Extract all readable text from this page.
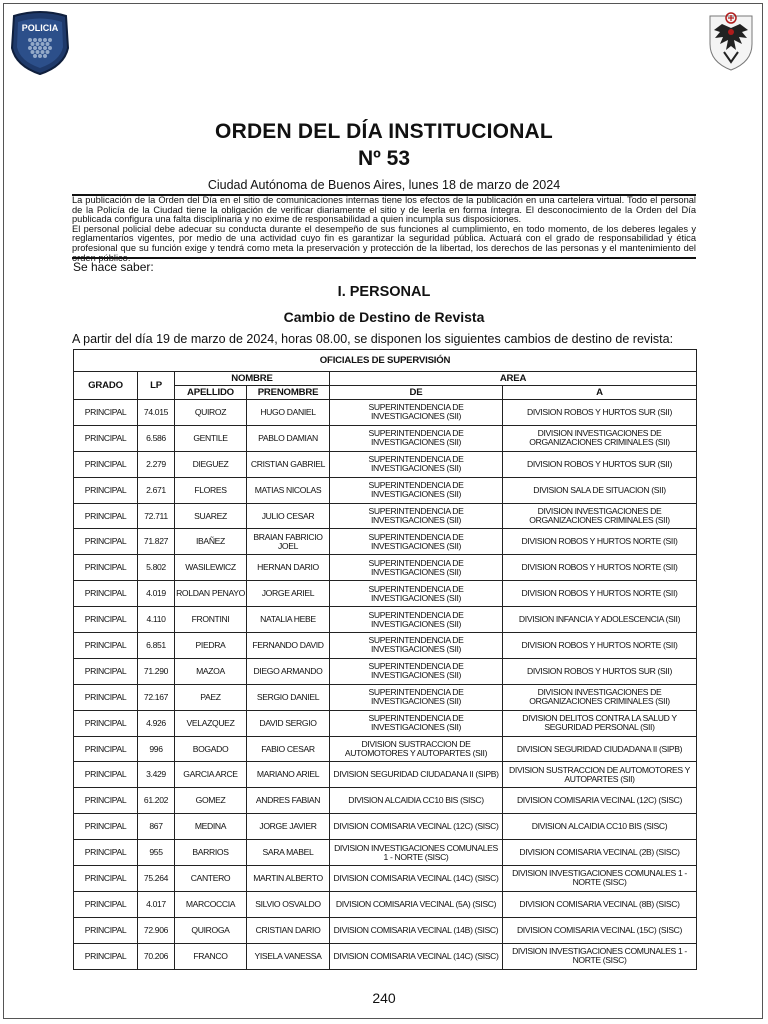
POLICIA
ORDEN DEL DÍA INSTITUCIONAL
Nº 53
Ciudad Autónoma de Buenos Aires, lunes 18 de marzo de 2024

La publicación de la Orden del Día en el sitio de comunicaciones internas tiene los efectos de la publicación en una cartelera virtual. Todo el personal de la Policía de la Ciudad tiene la obligación de verificar diariamente el sitio y de leerla en forma íntegra. El desconocimiento de la Orden del Día publicada configura una falta disciplinaria y no exime de responsabilidad a quien incumpla sus disposiciones.

El personal policial debe adecuar su conducta durante el desempeño de sus funciones al cumplimiento, en todo momento, de los deberes legales y reglamentarios vigentes, por medio de una actividad cuyo fin es garantizar la seguridad pública. Actuará con el grado de responsabilidad y ética profesional que su función exige y tendrá como meta la preservación y protección de la libertad, los derechos de las personas y el mantenimiento del orden público.

Se hace saber:
I. PERSONAL
Cambio de Destino de Revista
A partir del día 19 de marzo de 2024, horas 08.00, se disponen los siguientes cambios de destino de revista:
OFICIALES DE SUPERVISIÓN					
GRADO	LP	NOMBRE		AREA	
		APELLIDO	PRENOMBRE	DE	A
PRINCIPAL	74.015	QUIROZ	HUGO DANIEL	SUPERINTENDENCIA DE INVESTIGACIONES (SII)	DIVISION ROBOS Y HURTOS SUR (SII)
PRINCIPAL	6.586	GENTILE	PABLO DAMIAN	SUPERINTENDENCIA DE INVESTIGACIONES (SII)	DIVISION INVESTIGACIONES DE ORGANIZACIONES CRIMINALES (SII)
PRINCIPAL	2.279	DIEGUEZ	CRISTIAN GABRIEL	SUPERINTENDENCIA DE INVESTIGACIONES (SII)	DIVISION ROBOS Y HURTOS SUR (SII)
PRINCIPAL	2.671	FLORES	MATIAS NICOLAS	SUPERINTENDENCIA DE INVESTIGACIONES (SII)	DIVISION SALA DE SITUACION (SII)
PRINCIPAL	72.711	SUAREZ	JULIO CESAR	SUPERINTENDENCIA DE INVESTIGACIONES (SII)	DIVISION INVESTIGACIONES DE ORGANIZACIONES CRIMINALES (SII)
PRINCIPAL	71.827	IBAÑEZ	BRAIAN FABRICIO JOEL	SUPERINTENDENCIA DE INVESTIGACIONES (SII)	DIVISION ROBOS Y HURTOS NORTE (SII)
PRINCIPAL	5.802	WASILEWICZ	HERNAN DARIO	SUPERINTENDENCIA DE INVESTIGACIONES (SII)	DIVISION ROBOS Y HURTOS NORTE (SII)
PRINCIPAL	4.019	ROLDAN PENAYO	JORGE ARIEL	SUPERINTENDENCIA DE INVESTIGACIONES (SII)	DIVISION ROBOS Y HURTOS NORTE (SII)
PRINCIPAL	4.110	FRONTINI	NATALIA HEBE	SUPERINTENDENCIA DE INVESTIGACIONES (SII)	DIVISION INFANCIA Y ADOLESCENCIA (SII)
PRINCIPAL	6.851	PIEDRA	FERNANDO DAVID	SUPERINTENDENCIA DE INVESTIGACIONES (SII)	DIVISION ROBOS Y HURTOS NORTE (SII)
PRINCIPAL	71.290	MAZOA	DIEGO ARMANDO	SUPERINTENDENCIA DE INVESTIGACIONES (SII)	DIVISION ROBOS Y HURTOS SUR (SII)
PRINCIPAL	72.167	PAEZ	SERGIO DANIEL	SUPERINTENDENCIA DE INVESTIGACIONES (SII)	DIVISION INVESTIGACIONES DE ORGANIZACIONES CRIMINALES (SII)
PRINCIPAL	4.926	VELAZQUEZ	DAVID SERGIO	SUPERINTENDENCIA DE INVESTIGACIONES (SII)	DIVISION DELITOS CONTRA LA SALUD Y SEGURIDAD PERSONAL (SII)
PRINCIPAL	996	BOGADO	FABIO CESAR	DIVISION SUSTRACCION DE AUTOMOTORES Y AUTOPARTES (SII)	DIVISION SEGURIDAD CIUDADANA II (SIPB)
PRINCIPAL	3.429	GARCIA ARCE	MARIANO ARIEL	DIVISION SEGURIDAD CIUDADANA II (SIPB)	DIVISION SUSTRACCION DE AUTOMOTORES Y AUTOPARTES (SII)
PRINCIPAL	61.202	GOMEZ	ANDRES FABIAN	DIVISION ALCAIDIA CC10 BIS (SISC)	DIVISION COMISARIA VECINAL (12C) (SISC)
PRINCIPAL	867	MEDINA	JORGE JAVIER	DIVISION COMISARIA VECINAL (12C) (SISC)	DIVISION ALCAIDIA CC10 BIS (SISC)
PRINCIPAL	955	BARRIOS	SARA MABEL	DIVISION INVESTIGACIONES COMUNALES 1 - NORTE (SISC)	DIVISION COMISARIA VECINAL (2B) (SISC)
PRINCIPAL	75.264	CANTERO	MARTIN ALBERTO	DIVISION COMISARIA VECINAL (14C) (SISC)	DIVISION INVESTIGACIONES COMUNALES 1 - NORTE (SISC)
PRINCIPAL	4.017	MARCOCCIA	SILVIO OSVALDO	DIVISION COMISARIA VECINAL (5A) (SISC)	DIVISION COMISARIA VECINAL (8B) (SISC)
PRINCIPAL	72.906	QUIROGA	CRISTIAN DARIO	DIVISION COMISARIA VECINAL (14B) (SISC)	DIVISION COMISARIA VECINAL (15C) (SISC)
PRINCIPAL	70.206	FRANCO	YISELA VANESSA	DIVISION COMISARIA VECINAL (14C) (SISC)	DIVISION INVESTIGACIONES COMUNALES 1 - NORTE (SISC)
240
